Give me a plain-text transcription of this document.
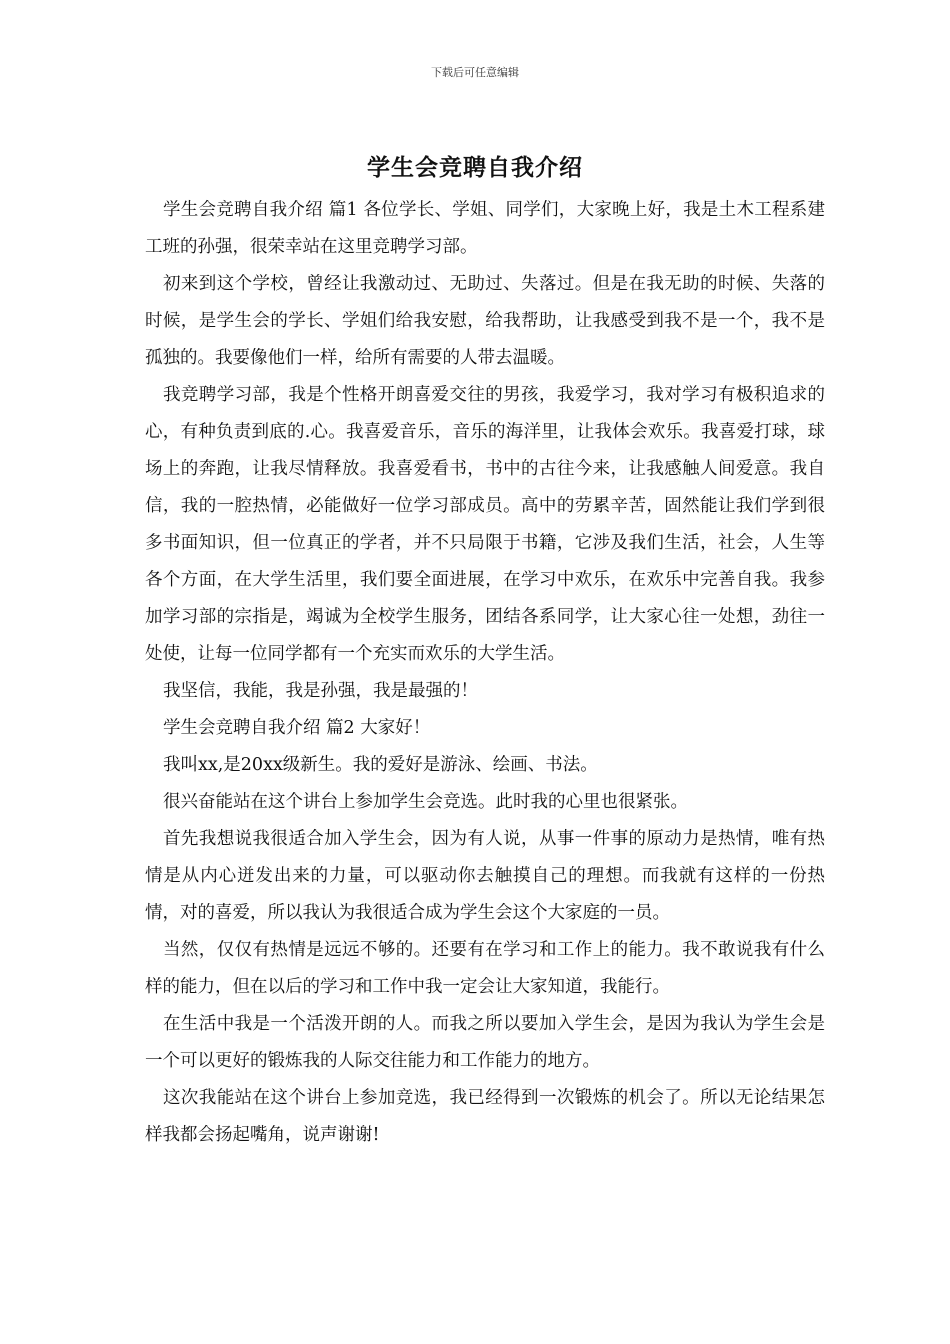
下载后可任意编辑
学生会竞聘自我介绍

学生会竞聘自我介绍 篇1 各位学长、学姐、同学们，大家晚上好，我是土木工程系建工班的孙强，很荣幸站在这里竞聘学习部。

初来到这个学校，曾经让我激动过、无助过、失落过。但是在我无助的时候、失落的时候，是学生会的学长、学姐们给我安慰，给我帮助，让我感受到我不是一个，我不是孤独的。我要像他们一样，给所有需要的人带去温暖。

我竞聘学习部，我是个性格开朗喜爱交往的男孩，我爱学习，我对学习有极积追求的心，有种负责到底的.心。我喜爱音乐，音乐的海洋里，让我体会欢乐。我喜爱打球，球场上的奔跑，让我尽情释放。我喜爱看书，书中的古往今来，让我感触人间爱意。我自信，我的一腔热情，必能做好一位学习部成员。高中的劳累辛苦，固然能让我们学到很多书面知识，但一位真正的学者，并不只局限于书籍，它涉及我们生活，社会，人生等各个方面，在大学生活里，我们要全面进展，在学习中欢乐，在欢乐中完善自我。我参加学习部的宗指是，竭诚为全校学生服务，团结各系同学，让大家心往一处想，劲往一处使，让每一位同学都有一个充实而欢乐的大学生活。

我坚信，我能，我是孙强，我是最强的！

学生会竞聘自我介绍 篇2 大家好！

我叫xx,是20xx级新生。我的爱好是游泳、绘画、书法。

很兴奋能站在这个讲台上参加学生会竞选。此时我的心里也很紧张。

首先我想说我很适合加入学生会，因为有人说，从事一件事的原动力是热情，唯有热情是从内心迸发出来的力量，可以驱动你去触摸自己的理想。而我就有这样的一份热情，对的喜爱，所以我认为我很适合成为学生会这个大家庭的一员。

当然，仅仅有热情是远远不够的。还要有在学习和工作上的能力。我不敢说我有什么样的能力，但在以后的学习和工作中我一定会让大家知道，我能行。

在生活中我是一个活泼开朗的人。而我之所以要加入学生会，是因为我认为学生会是一个可以更好的锻炼我的人际交往能力和工作能力的地方。

这次我能站在这个讲台上参加竞选，我已经得到一次锻炼的机会了。所以无论结果怎样我都会扬起嘴角，说声谢谢!
